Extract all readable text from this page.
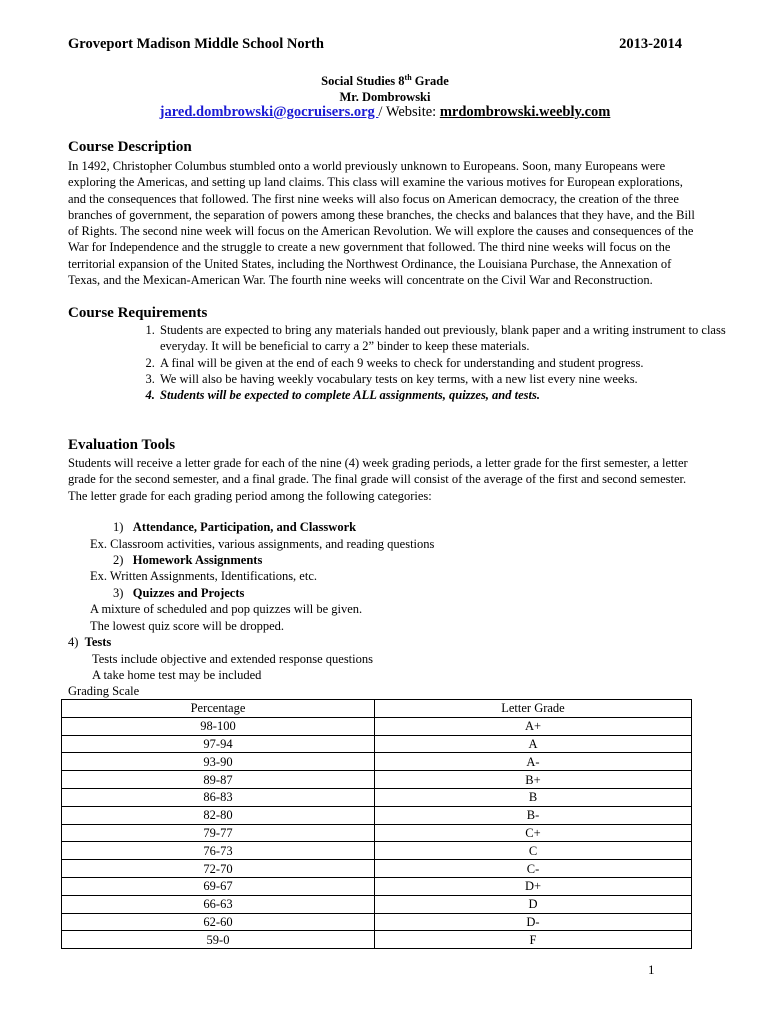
Groveport Madison Middle School North	2013-2014
Social Studies 8th Grade
Mr. Dombrowski
jared.dombrowski@gocruisers.org / Website: mrdombrowski.weebly.com
Course Description
In 1492, Christopher Columbus stumbled onto a world previously unknown to Europeans. Soon, many Europeans were exploring the Americas, and setting up land claims. This class will examine the various motives for European explorations, and the consequences that followed. The first nine weeks will also focus on American democracy, the creation of the three branches of government, the separation of powers among these branches, the checks and balances that they have, and the Bill of Rights. The second nine week will focus on the American Revolution. We will explore the causes and consequences of the War for Independence and the struggle to create a new government that followed. The third nine weeks will focus on the territorial expansion of the United States, including the Northwest Ordinance, the Louisiana Purchase, the Annexation of Texas, and the Mexican-American War. The fourth nine weeks will concentrate on the Civil War and Reconstruction.
Course Requirements
1. Students are expected to bring any materials handed out previously, blank paper and a writing instrument to class everyday. It will be beneficial to carry a 2” binder to keep these materials.
2. A final will be given at the end of each 9 weeks to check for understanding and student progress.
3. We will also be having weekly vocabulary tests on key terms, with a new list every nine weeks.
4. Students will be expected to complete ALL assignments, quizzes, and tests.
Evaluation Tools
Students will receive a letter grade for each of the nine (4) week grading periods, a letter grade for the first semester, a letter grade for the second semester, and a final grade. The final grade will consist of the average of the first and second semester. The letter grade for each grading period among the following categories:
1) Attendance, Participation, and Classwork
Ex. Classroom activities, various assignments, and reading questions
2) Homework Assignments
Ex. Written Assignments, Identifications, etc.
3) Quizzes and Projects
A mixture of scheduled and pop quizzes will be given.
The lowest quiz score will be dropped.
4) Tests
Tests include objective and extended response questions
A take home test may be included
Grading Scale
Percentage	Letter Grade
98-100	A+
97-94	A
93-90	A-
89-87	B+
86-83	B
82-80	B-
79-77	C+
76-73	C
72-70	C-
69-67	D+
66-63	D
62-60	D-
59-0	F
1
